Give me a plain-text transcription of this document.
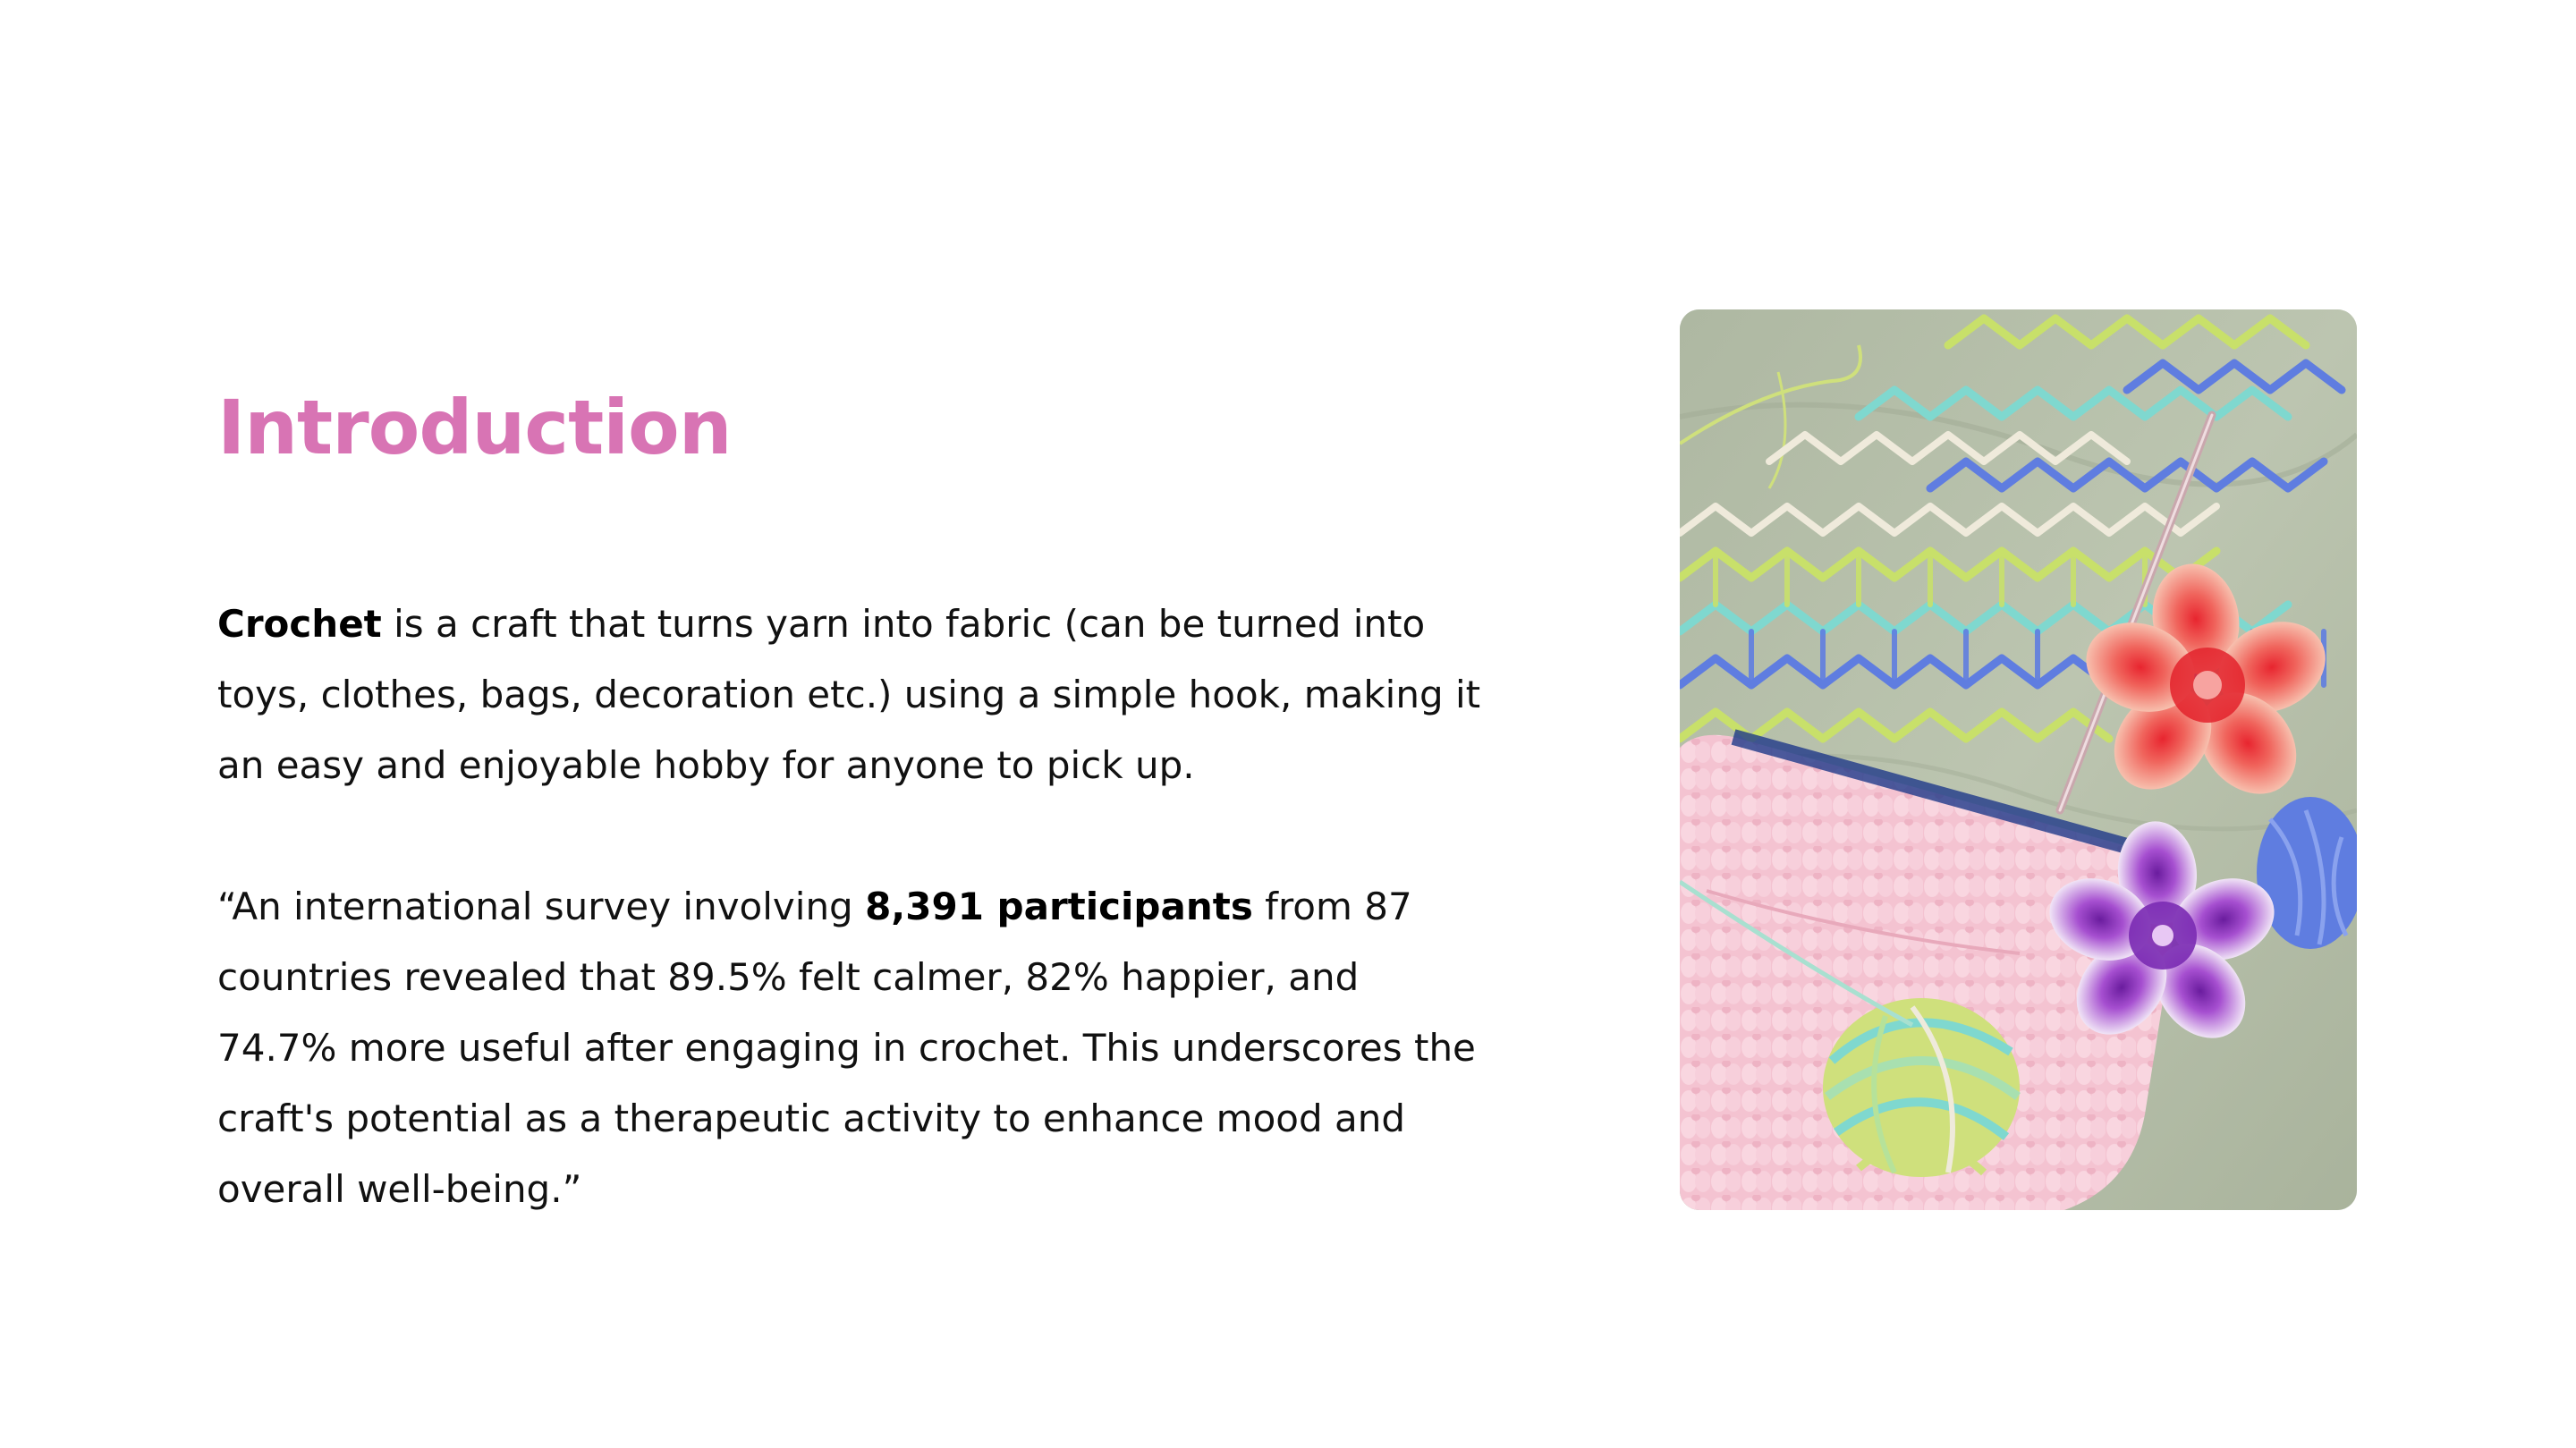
Introduction

Crochet is a craft that turns yarn into fabric (can be turned into toys, clothes, bags, decoration etc.) using a simple hook, making it an easy and enjoyable hobby for anyone to pick up.

“An international survey involving 8,391 participants from 87 countries revealed that 89.5% felt calmer, 82% happier, and 74.7% more useful after engaging in crochet. This underscores the craft's potential as a therapeutic activity to enhance mood and overall well-being.”
